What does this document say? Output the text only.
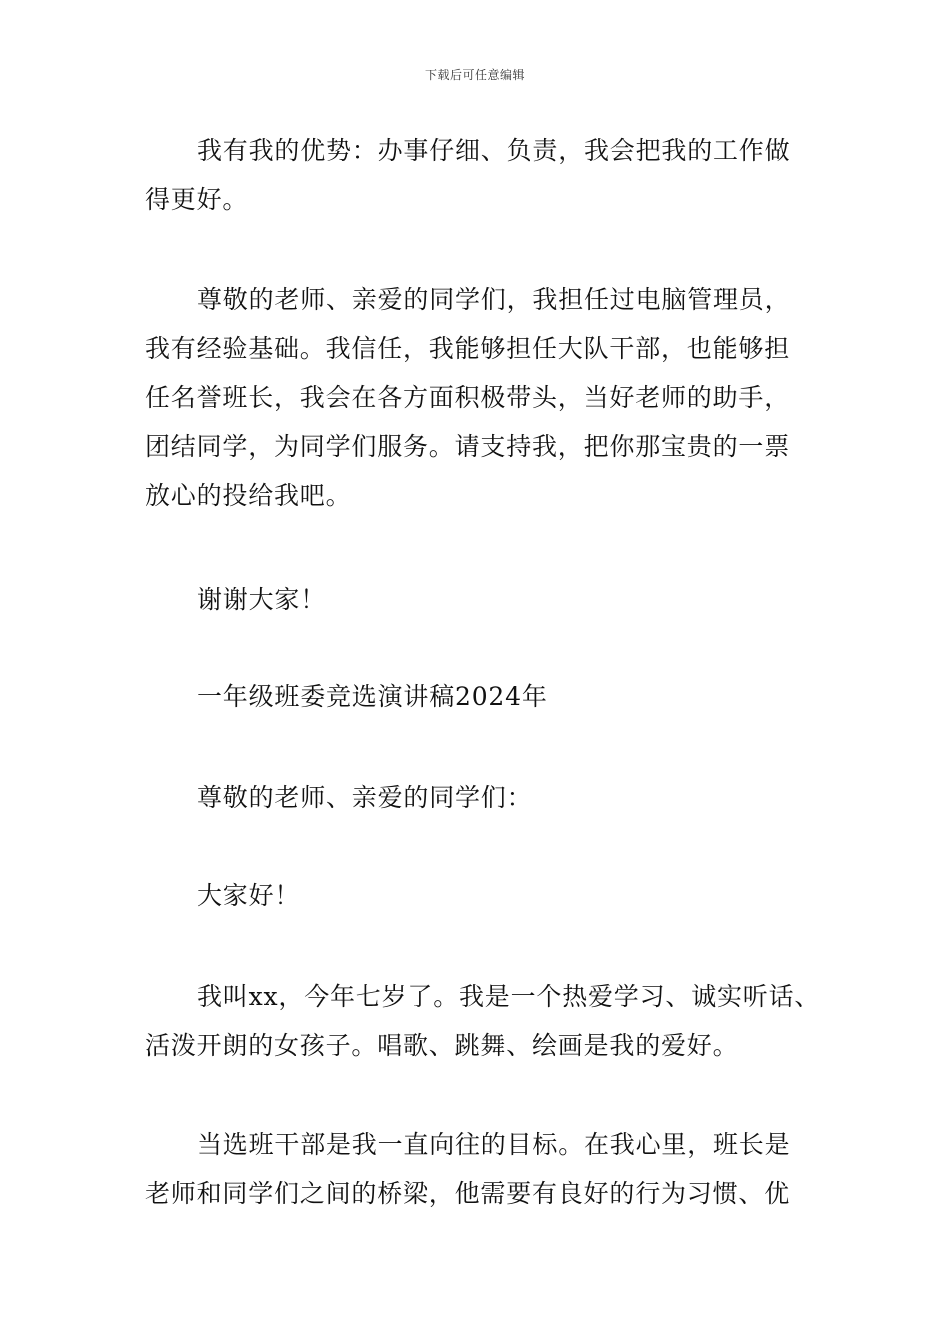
下载后可任意编辑
我有我的优势：办事仔细、负责，我会把我的工作做
得更好。
尊敬的老师、亲爱的同学们，我担任过电脑管理员，
我有经验基础。我信任，我能够担任大队干部，也能够担
任名誉班长，我会在各方面积极带头，当好老师的助手，
团结同学，为同学们服务。请支持我，把你那宝贵的一票
放心的投给我吧。
谢谢大家！
一年级班委竞选演讲稿2024年
尊敬的老师、亲爱的同学们：
大家好！
我叫xx，今年七岁了。我是一个热爱学习、诚实听话、
活泼开朗的女孩子。唱歌、跳舞、绘画是我的爱好。
当选班干部是我一直向往的目标。在我心里，班长是
老师和同学们之间的桥梁，他需要有良好的行为习惯、优
